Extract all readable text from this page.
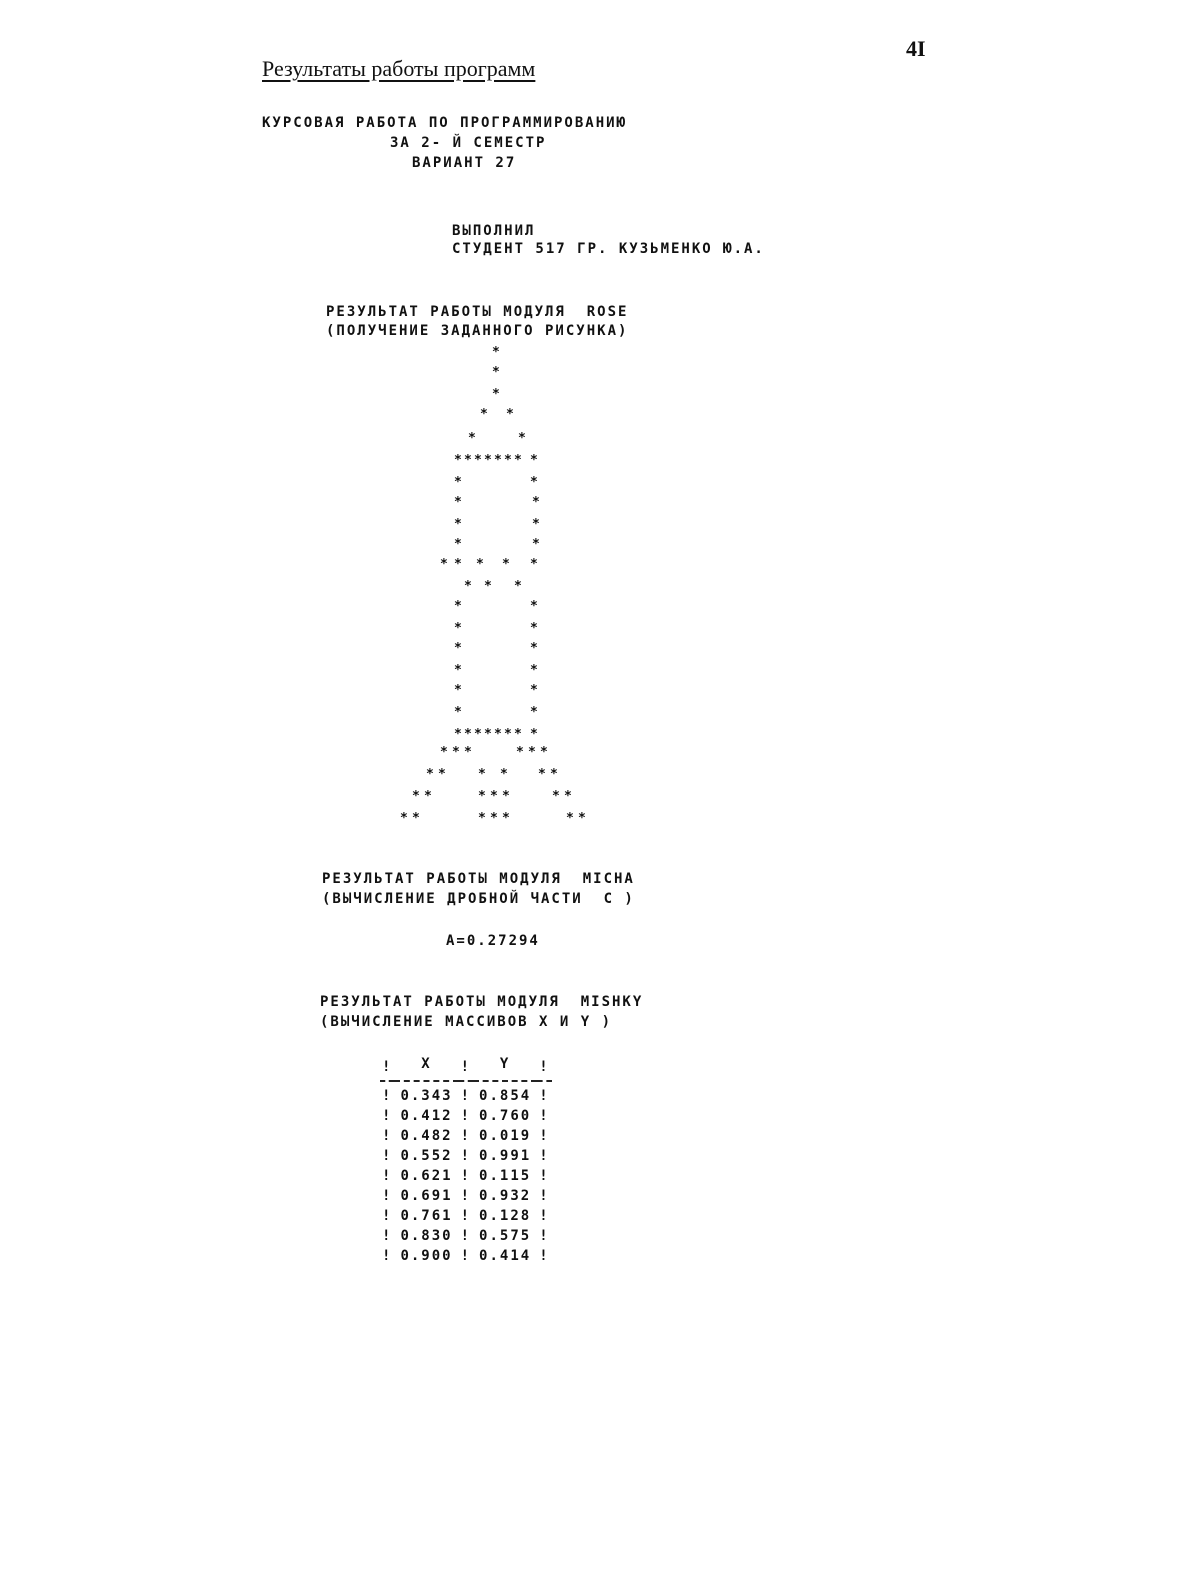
4I
Результаты работы программ
КУРСОВАЯ РАБОТА ПО ПРОГРАММИРОВАНИЮ
ЗА 2- Й СЕМЕСТР
ВАРИАНТ 27
ВЫПОЛНИЛ
СТУДЕНТ 517 ГР. КУЗЬМЕНКО Ю.А.
РЕЗУЛЬТАТ РАБОТЫ МОДУЛЯ  ROSE
(ПОЛУЧЕНИЕ ЗАДАННОГО РИСУНКА)
*
*
*
* *
*	*
* * * * * * * *
*	*
*	*
*	*
*	*
* * * * *
* * *
*	*
*	*
*	*
*	*
*	*
*	*
* * * * * * * *
* * *	* * *
* * * * * *
* *	* * *	* *
* *	* * *	* *
РЕЗУЛЬТАТ РАБОТЫ МОДУЛЯ  MICHA
(ВЫЧИСЛЕНИЕ ДРОБНОЙ ЧАСТИ  С )
A=0.27294
РЕЗУЛЬТАТ РАБОТЫ МОДУЛЯ  MISHKY
(ВЫЧИСЛЕНИЕ МАССИВОВ X И Y )
!	X	!	Y	!

!	0.343	!	0.854	!
!	0.412	!	0.760	!
!	0.482	!	0.019	!
!	0.552	!	0.991	!
!	0.621	!	0.115	!
!	0.691	!	0.932	!
!	0.761	!	0.128	!
!	0.830	!	0.575	!
!	0.900	!	0.414	!
